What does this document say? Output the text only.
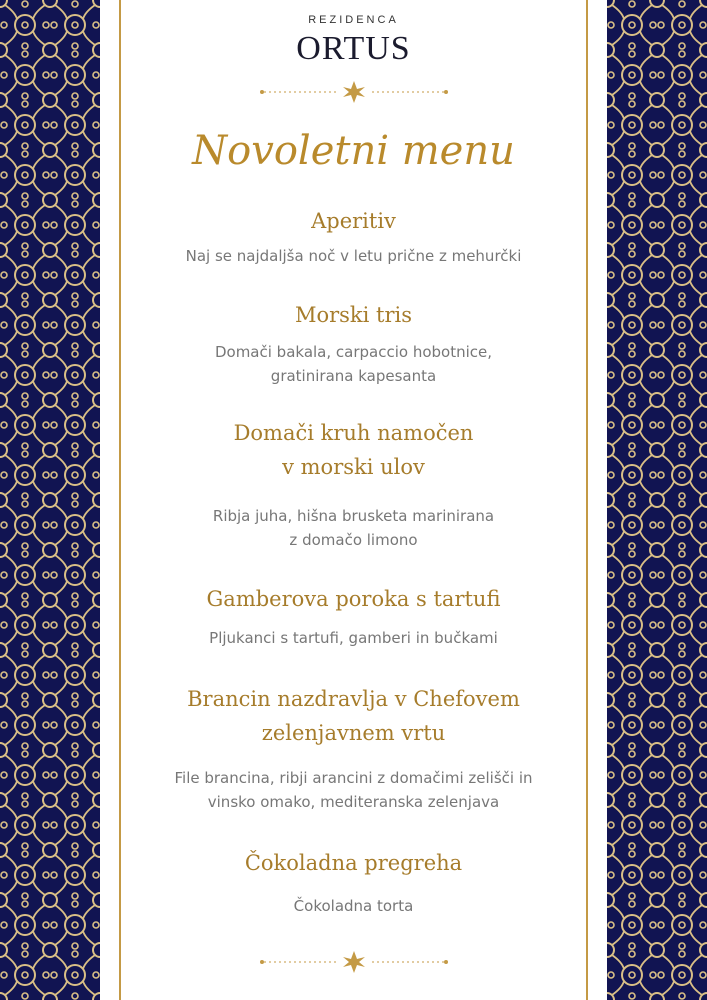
REZIDENCA
ORTUS
Novoletni menu
Aperitiv
Naj se najdaljša noč v letu prične z mehurčki
Morski tris
Domači bakala, carpaccio hobotnice,
gratinirana kapesanta
Domači kruh namočen
v morski ulov
Ribja juha, hišna brusketa marinirana
z domačo limono
Gamberova poroka s tartufi
Pljukanci s tartufi, gamberi in bučkami
Brancin nazdravlja v Chefovem
zelenjavnem vrtu
File brancina, ribji arancini z domačimi zelišči in
vinsko omako, mediteranska zelenjava
Čokoladna pregreha
Čokoladna torta
